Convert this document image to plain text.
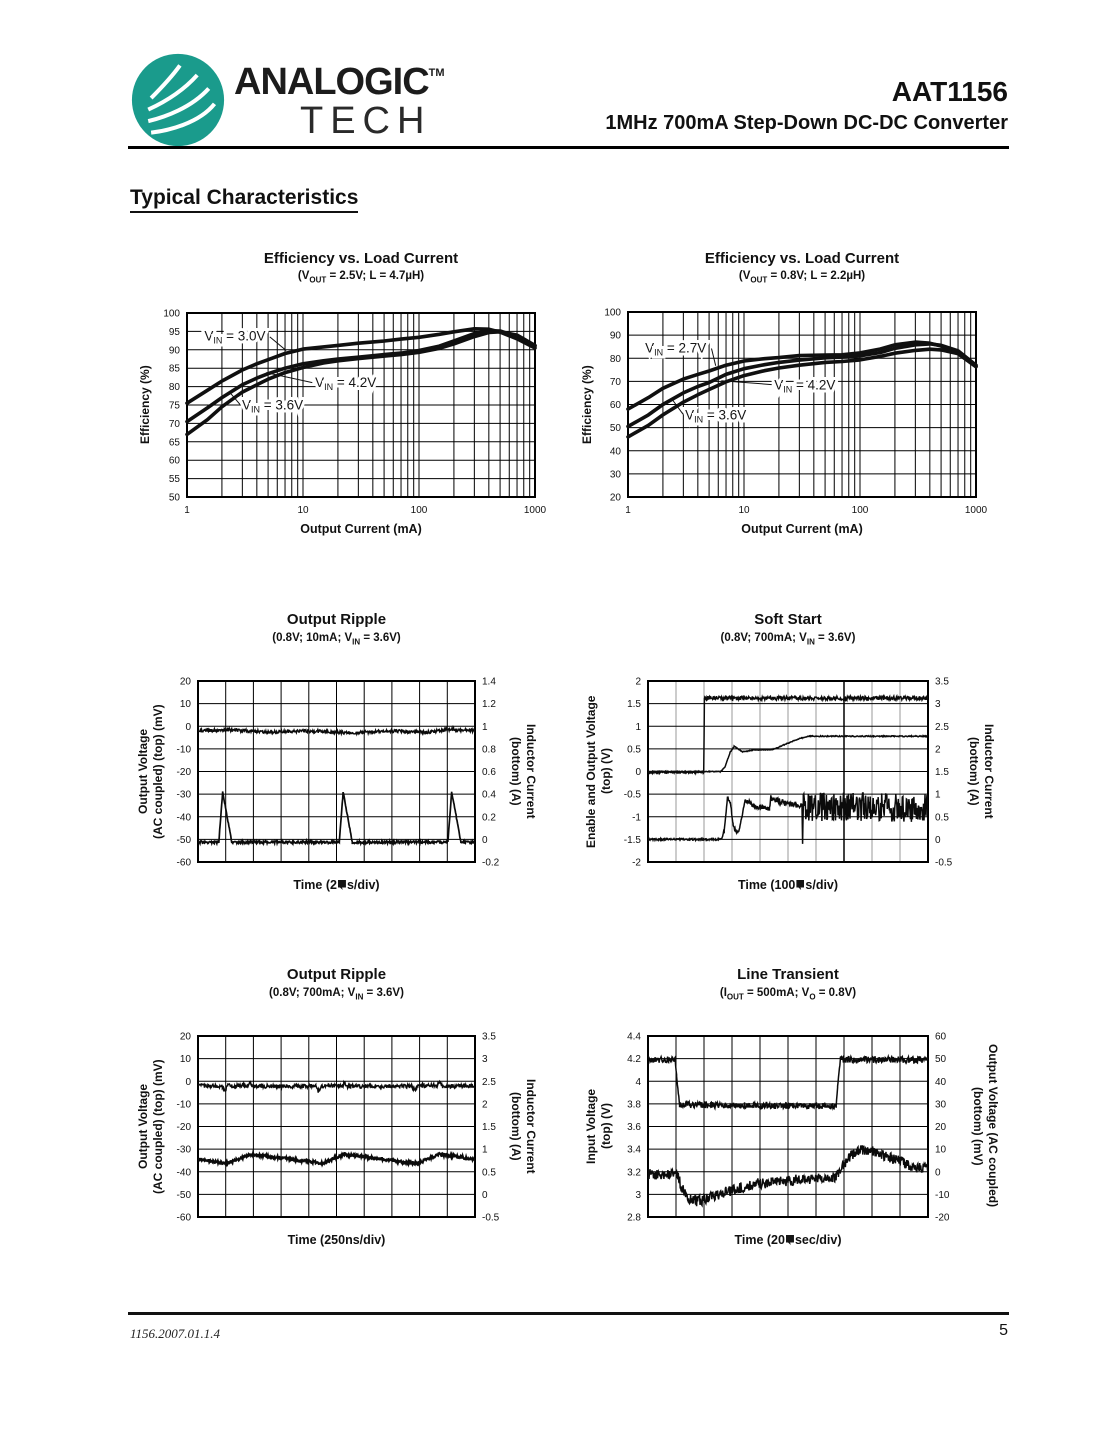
ANALOGIC™
TECH
AAT1156
1MHz 700mA Step-Down DC-DC Converter
Typical Characteristics
1	10	100	1000
50
55
60
65
70
75
80
85
90
95
100
$V_{IN} = 3.0V$
$V_{IN} = 4.2V$
$V_{IN} = 3.6V$
Efficiency vs. Load Current
($V_{OUT} = 2.5V$; L = 4.7µH)
Output Current (mA)
Efficiency (%)
1	10	100	1000
20
30
40
50
60
70
80
90
100
$V_{IN} = 2.7V$
$V_{IN} = 4.2V$
$V_{IN} = 3.6V$
Efficiency vs. Load Current
($V_{OUT} = 0.8V$; L = 2.2µH)
Output Current (mA)
Efficiency (%)
20
10
0
-10
-20
-30
-40
-50
-60
1.4
1.2
1
0.8
0.6
0.4
0.2
0
-0.2
Output Ripple
(0.8V; 10mA; $V_{IN} = 3.6V$)
Time (2 s/div)
Output Voltage (AC coupled) (top) (mV)	Inductor Current
(bottom) (A)
2
1.5
1
0.5
0
-0.5
-1
-1.5
-2
3.5
3
2.5
2
1.5
1
0.5
0
-0.5
Soft Start
(0.8V; 700mA; $V_{IN} = 3.6V$)
Time (100 s/div)
Enable and Output Voltage (top) (V)	Inductor Current
(bottom) (A)
20
10
0
-10
-20
-30
-40
-50
-60
3.5
3
2.5
2
1.5
1
0.5
0
-0.5
Output Ripple
(0.8V; 700mA; $V_{IN} = 3.6V$)
Time (250ns/div)
Output Voltage (AC coupled) (top) (mV)	Inductor Current
(bottom) (A)
4.4
4.2
4
3.8
3.6
3.4
3.2
3
2.8
60
50
40
30
20
10
0
-10
-20
Line Transient
($I_{OUT} = 500mA$; $V_O = 0.8V$)
Time (20 sec/div)
Input Voltage (top) (V)	Output Voltage (AC coupled)
(bottom) (mV)
1156.2007.01.1.4	5
